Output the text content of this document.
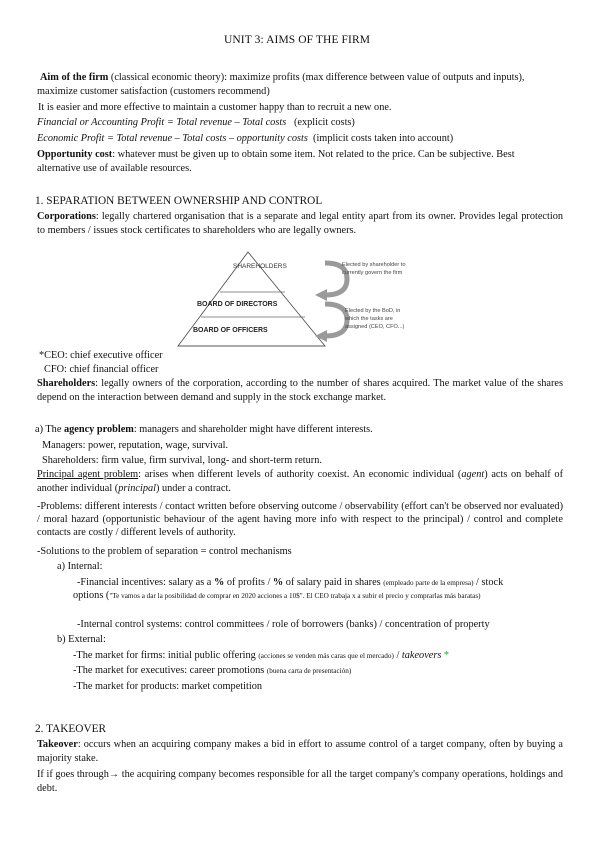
UNIT 3: AIMS OF THE FIRM
Aim of the firm (classical economic theory): maximize profits (max difference between value of outputs and inputs),
maximize customer satisfaction (customers recommend)
It is easier and more effective to maintain a customer happy than to recruit a new one.
Financial or Accounting Profit = Total revenue – Total costs (explicit costs)
Economic Profit = Total revenue – Total costs – opportunity costs (implicit costs taken into account)
Opportunity cost: whatever must be given up to obtain some item. Not related to the price. Can be subjective. Best
alternative use of available resources.
1. SEPARATION BETWEEN OWNERSHIP AND CONTROL
Corporations: legally chartered organisation that is a separate and legal entity apart from its owner. Provides legal protection to members / issues stock certificates to shareholders who are legally owners.
SHAREHOLDERS
BOARD OF DIRECTORS
BOARD OF OFFICERS
Elected by shareholder to
currently govern the firm
Elected by the BoD, in
which the tasks are
assigned (CEO, CFO...)
*CEO: chief executive officer
CFO: chief financial officer
Shareholders: legally owners of the corporation, according to the number of shares acquired. The market value of the shares depend on the interaction between demand and supply in the stock exchange market.
a) The agency problem: managers and shareholder might have different interests.
Managers: power, reputation, wage, survival.
Shareholders: firm value, firm survival, long- and short-term return.
Principal agent problem: arises when different levels of authority coexist. An economic individual (agent) acts on behalf of another individual (principal) under a contract.
-Problems: different interests / contact written before observing outcome / observability (effort can't be observed nor evaluated) / moral hazard (opportunistic behaviour of the agent having more info with respect to the principal) / control and complete contacts are costly / different levels of authority.
-Solutions to the problem of separation = control mechanisms
a) Internal:
-Financial incentives: salary as a % of profits / % of salary paid in shares (empleado parte de la empresa) / stock
options ("Te vamos a dar la posibilidad de comprar en 2020 acciones a 10$". El CEO trabaja x a subir el precio y comprarlas más baratas)
-Internal control systems: control committees / role of borrowers (banks) / concentration of property
b) External:
-The market for firms: initial public offering (acciones se venden más caras que el mercado) / takeovers *
-The market for executives: career promotions (buena carta de presentación)
-The market for products: market competition
2. TAKEOVER
Takeover: occurs when an acquiring company makes a bid in effort to assume control of a target company, often by buying a majority stake.
If if goes through→ the acquiring company becomes responsible for all the target company's company operations, holdings and debt.
